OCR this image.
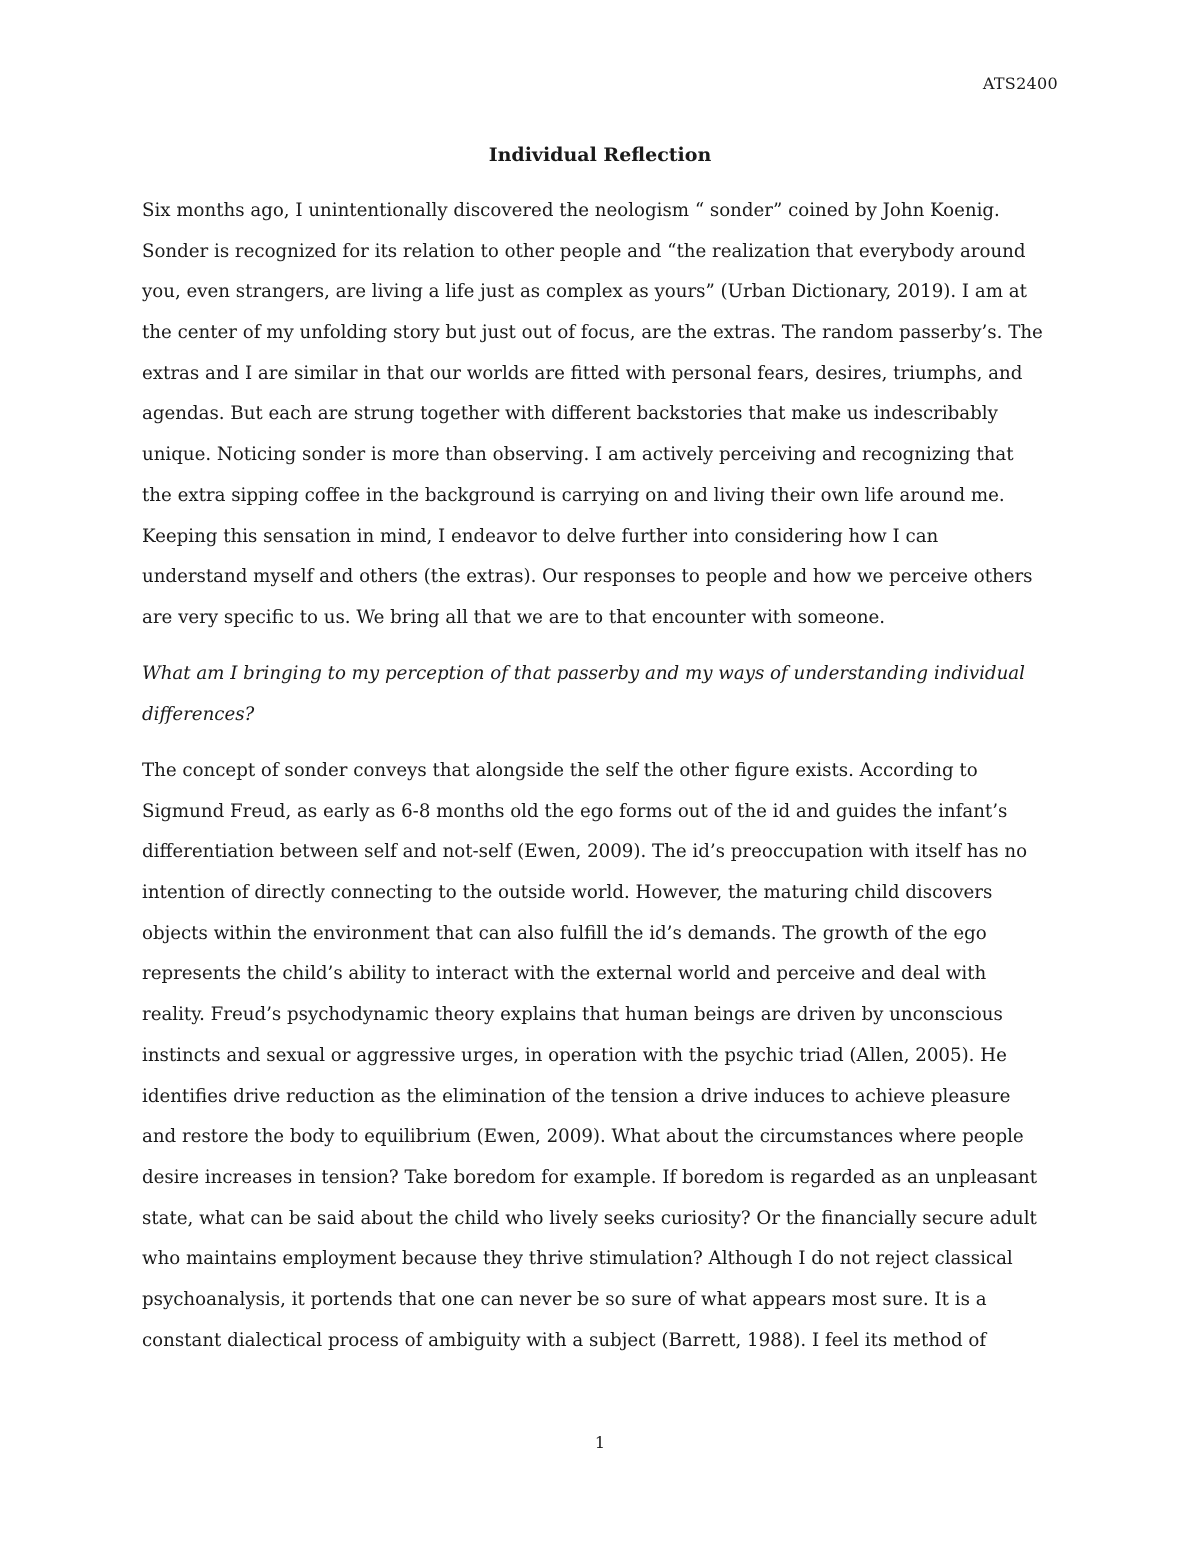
ATS2400
Individual Reflection
Six months ago, I unintentionally discovered the neologism “ sonder” coined by John Koenig.
Sonder is recognized for its relation to other people and “the realization that everybody around
you, even strangers, are living a life just as complex as yours” (Urban Dictionary, 2019). I am at
the center of my unfolding story but just out of focus, are the extras. The random passerby’s. The
extras and I are similar in that our worlds are fitted with personal fears, desires, triumphs, and
agendas. But each are strung together with different backstories that make us indescribably
unique. Noticing sonder is more than observing. I am actively perceiving and recognizing that
the extra sipping coffee in the background is carrying on and living their own life around me.
Keeping this sensation in mind, I endeavor to delve further into considering how I can
understand myself and others (the extras). Our responses to people and how we perceive others
are very specific to us. We bring all that we are to that encounter with someone.
What am I bringing to my perception of that passerby and my ways of understanding individual
differences?
The concept of sonder conveys that alongside the self the other figure exists. According to
Sigmund Freud, as early as 6-8 months old the ego forms out of the id and guides the infant’s
differentiation between self and not-self (Ewen, 2009). The id’s preoccupation with itself has no
intention of directly connecting to the outside world. However, the maturing child discovers
objects within the environment that can also fulfill the id’s demands. The growth of the ego
represents the child’s ability to interact with the external world and perceive and deal with
reality. Freud’s psychodynamic theory explains that human beings are driven by unconscious
instincts and sexual or aggressive urges, in operation with the psychic triad (Allen, 2005). He
identifies drive reduction as the elimination of the tension a drive induces to achieve pleasure
and restore the body to equilibrium (Ewen, 2009). What about the circumstances where people
desire increases in tension? Take boredom for example. If boredom is regarded as an unpleasant
state, what can be said about the child who lively seeks curiosity? Or the financially secure adult
who maintains employment because they thrive stimulation? Although I do not reject classical
psychoanalysis, it portends that one can never be so sure of what appears most sure. It is a
constant dialectical process of ambiguity with a subject (Barrett, 1988). I feel its method of
1
